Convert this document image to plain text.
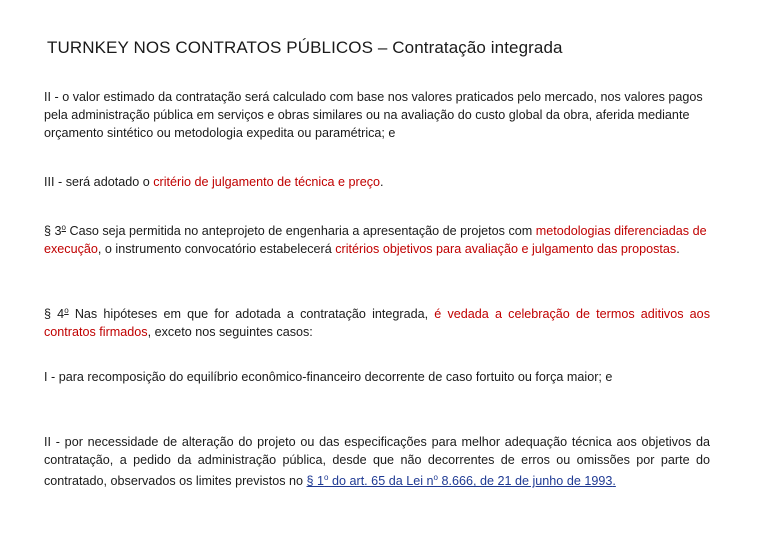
TURNKEY NOS CONTRATOS PÚBLICOS – Contratação integrada
II - o valor estimado da contratação será calculado com base nos valores praticados pelo mercado, nos valores pagos pela administração pública em serviços e obras similares ou na avaliação do custo global da obra, aferida mediante orçamento sintético ou metodologia expedita ou paramétrica; e
III - será adotado o critério de julgamento de técnica e preço.
§ 3$^o$ Caso seja permitida no anteprojeto de engenharia a apresentação de projetos com metodologias diferenciadas de execução, o instrumento convocatório estabelecerá critérios objetivos para avaliação e julgamento das propostas.
§ 4$^o$ Nas hipóteses em que for adotada a contratação integrada, é vedada a celebração de termos aditivos aos contratos firmados, exceto nos seguintes casos:
I - para recomposição do equilíbrio econômico-financeiro decorrente de caso fortuito ou força maior; e
II - por necessidade de alteração do projeto ou das especificações para melhor adequação técnica aos objetivos da contratação, a pedido da administração pública, desde que não decorrentes de erros ou omissões por parte do contratado, observados os limites previstos no § 1$^o$ do art. 65 da Lei n$^o$ 8.666, de 21 de junho de 1993.
